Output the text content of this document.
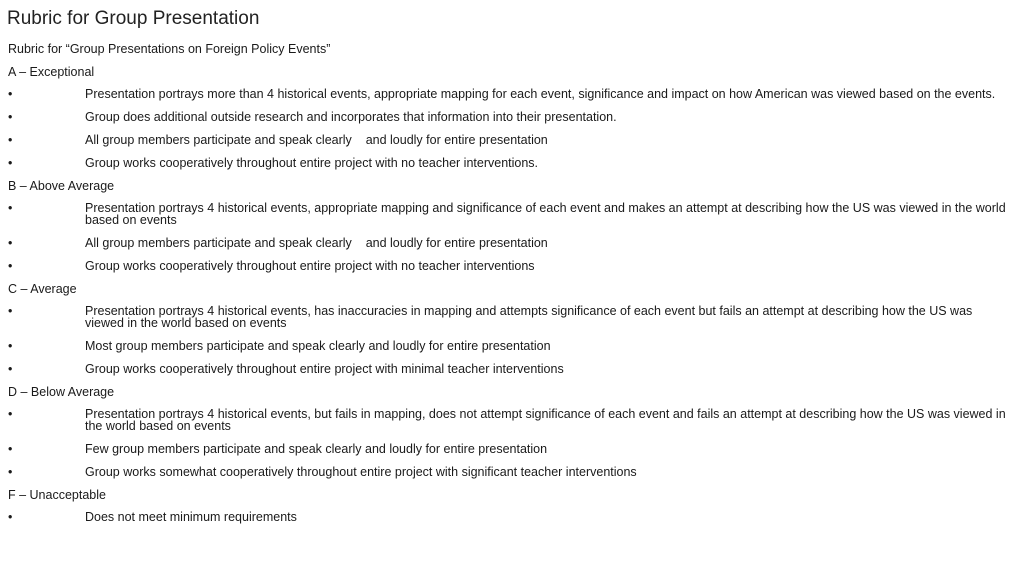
Rubric for Group Presentation
Rubric for “Group Presentations on Foreign Policy Events”
A – Exceptional
•	Presentation portrays more than 4 historical events, appropriate mapping for each event, significance and impact on how American was viewed based on the events.
•	Group does additional outside research and incorporates that information into their presentation.
•	All group members participate and speak clearly    and loudly for entire presentation
•	Group works cooperatively throughout entire project with no teacher interventions.
B – Above Average
•	Presentation portrays 4 historical events, appropriate mapping and significance of each event and makes an attempt at describing how the US was viewed in the world based on events
•	All group members participate and speak clearly    and loudly for entire presentation
•	Group works cooperatively throughout entire project with no teacher interventions
C – Average
•	Presentation portrays 4 historical events, has inaccuracies in mapping and attempts significance of each event but fails an attempt at describing how the US was viewed in the world based on events
•	Most group members participate and speak clearly and loudly for entire presentation
•	Group works cooperatively throughout entire project with minimal teacher interventions
D – Below Average
•	Presentation portrays 4 historical events, but fails in mapping, does not attempt significance of each event and fails an attempt at describing how the US was viewed in the world based on events
•	Few group members participate and speak clearly and loudly for entire presentation
•	Group works somewhat cooperatively throughout entire project with significant teacher interventions
F – Unacceptable
•	Does not meet minimum requirements
